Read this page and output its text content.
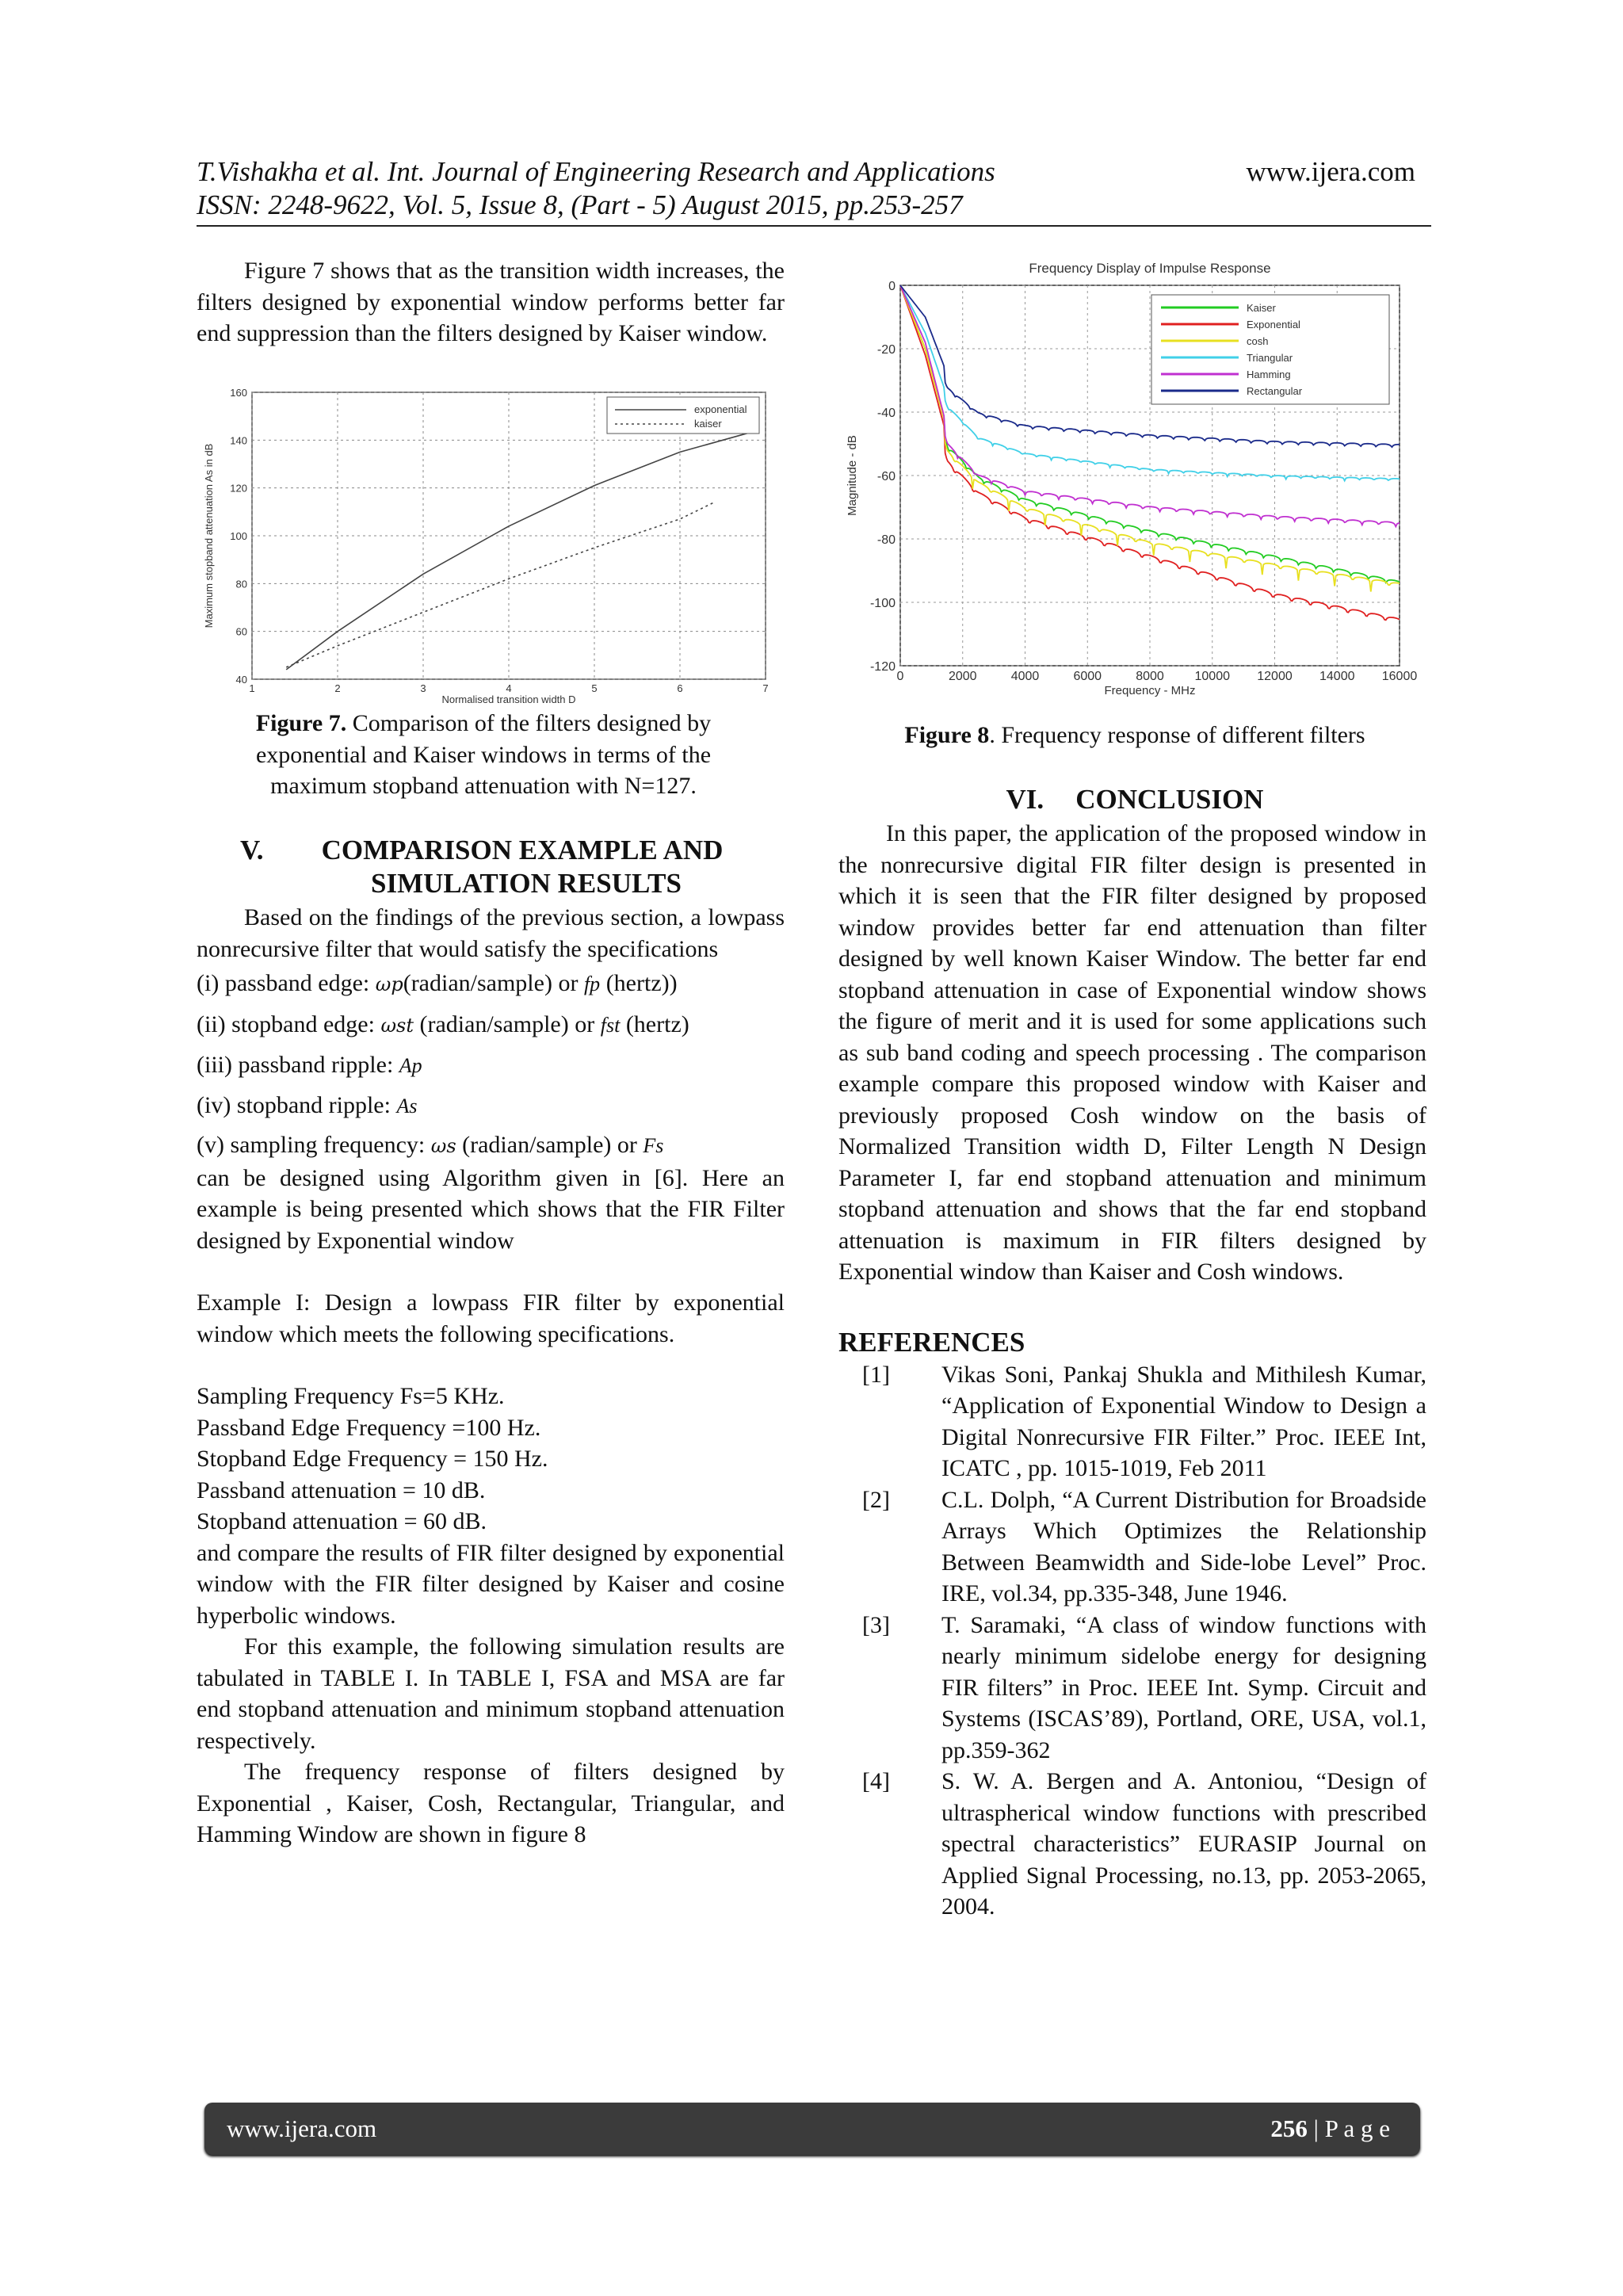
T.Vishakha et al. Int. Journal of Engineering Research and Applications	www.ijera.com
ISSN: 2248-9622, Vol. 5, Issue 8, (Part - 5) August 2015, pp.253-257

Figure 7 shows that as the transition width increases, the filters designed by exponential window performs better far end suppression than the filters designed by Kaiser window.

1	2	3	4	5	6	7
40
60
80
100
120
140
160
Normalised transition width D
Maximum stopband attenuation As in dB
exponential
kaiser
Figure 7. Comparison of the filters designed by exponential and Kaiser windows in terms of the maximum stopband attenuation with N=127.
V. COMPARISON EXAMPLE AND
SIMULATION RESULTS

Based on the findings of the previous section, a lowpass nonrecursive filter that would satisfy the specifications

(i) passband edge: ωp(radian/sample) or fp (hertz))
(ii) stopband edge: ωst (radian/sample) or fst (hertz)
(iii) passband ripple: Ap
(iv) stopband ripple: As
(v) sampling frequency: ωs (radian/sample) or Fs

can be designed using Algorithm given in [6]. Here an example is being presented which shows that the FIR Filter designed by Exponential window

Example I: Design a lowpass FIR filter by exponential window which meets the following specifications.

Sampling Frequency Fs=5 KHz.
Passband Edge Frequency =100 Hz.
Stopband Edge Frequency = 150 Hz.
Passband attenuation = 10 dB.
Stopband attenuation = 60 dB.

and compare the results of FIR filter designed by exponential window with the FIR filter designed by Kaiser and cosine hyperbolic windows.

For this example, the following simulation results are tabulated in TABLE I. In TABLE I, FSA and MSA are far end stopband attenuation and minimum stopband attenuation respectively.

The frequency response of filters designed by Exponential , Kaiser, Cosh, Rectangular, Triangular, and Hamming Window are shown in figure 8

Frequency Display of Impulse Response
0	2000	4000	6000	8000 10000 12000 14000 16000
0
-20
-40
-60
-80
-100
-120
Frequency - MHz
Magnitude - dB
Kaiser
Exponential
cosh
Triangular
Hamming
Rectangular
Figure 8. Frequency response of different filters
VI. CONCLUSION

In this paper, the application of the proposed window in the nonrecursive digital FIR filter design is presented in which it is seen that the FIR filter designed by proposed window provides better far end attenuation than filter designed by well known Kaiser Window. The better far end stopband attenuation in case of Exponential window shows the figure of merit and it is used for some applications such as sub band coding and speech processing . The comparison example compare this proposed window with Kaiser and previously proposed Cosh window on the basis of Normalized Transition width D, Filter Length N Design Parameter I, far end stopband attenuation and minimum stopband attenuation and shows that the far end stopband attenuation is maximum in FIR filters designed by Exponential window than Kaiser and Cosh windows.

REFERENCES
[1]	Vikas Soni, Pankaj Shukla and Mithilesh Kumar, “Application of Exponential Window to Design a Digital Nonrecursive FIR Filter.” Proc. IEEE Int, ICATC , pp. 1015-1019, Feb 2011
[2]	C.L. Dolph, “A Current Distribution for Broadside Arrays Which Optimizes the Relationship Between Beamwidth and Side-lobe Level” Proc. IRE, vol.34, pp.335-348, June 1946.
[3]	T. Saramaki, “A class of window functions with nearly minimum sidelobe energy for designing FIR filters” in Proc. IEEE Int. Symp. Circuit and Systems (ISCAS’89), Portland, ORE, USA, vol.1, pp.359-362
[4]	S. W. A. Bergen and A. Antoniou, “Design of ultraspherical window functions with prescribed spectral characteristics” EURASIP Journal on Applied Signal Processing, no.13, pp. 2053-2065, 2004.
www.ijera.com	256 | P a g e
